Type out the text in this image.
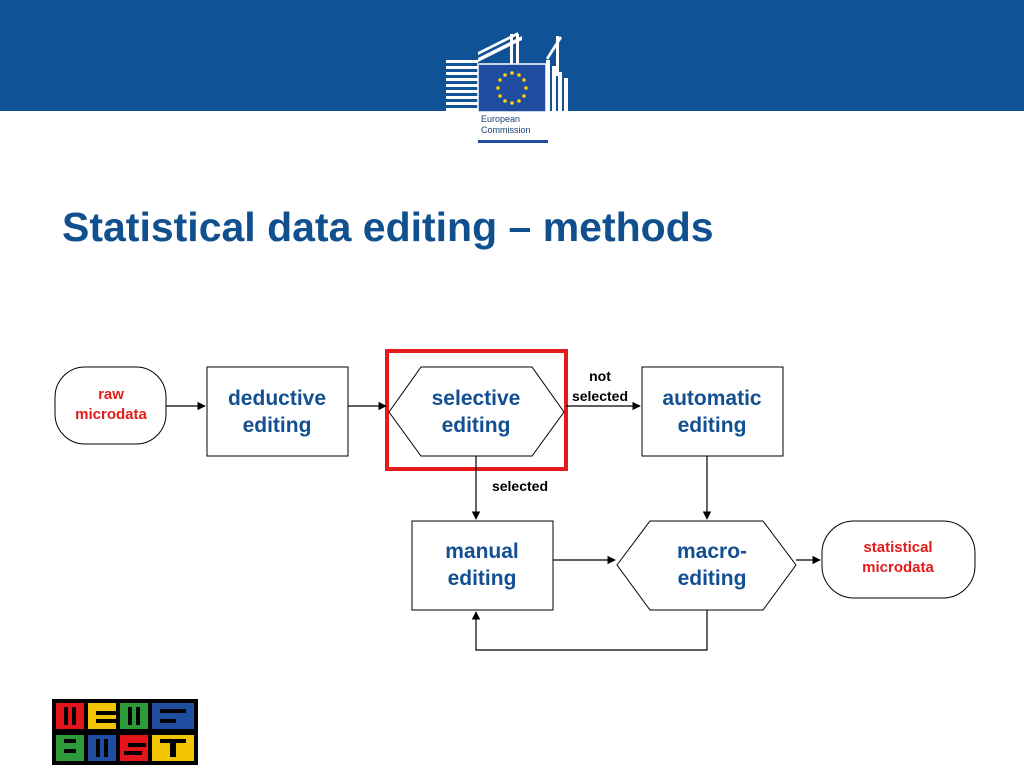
European
Commission
Statistical data editing – methods
raw
microdata
deductive
editing
selective
editing
automatic
editing
manual
editing
macro-
editing
statistical
microdata
not
selected
selected
